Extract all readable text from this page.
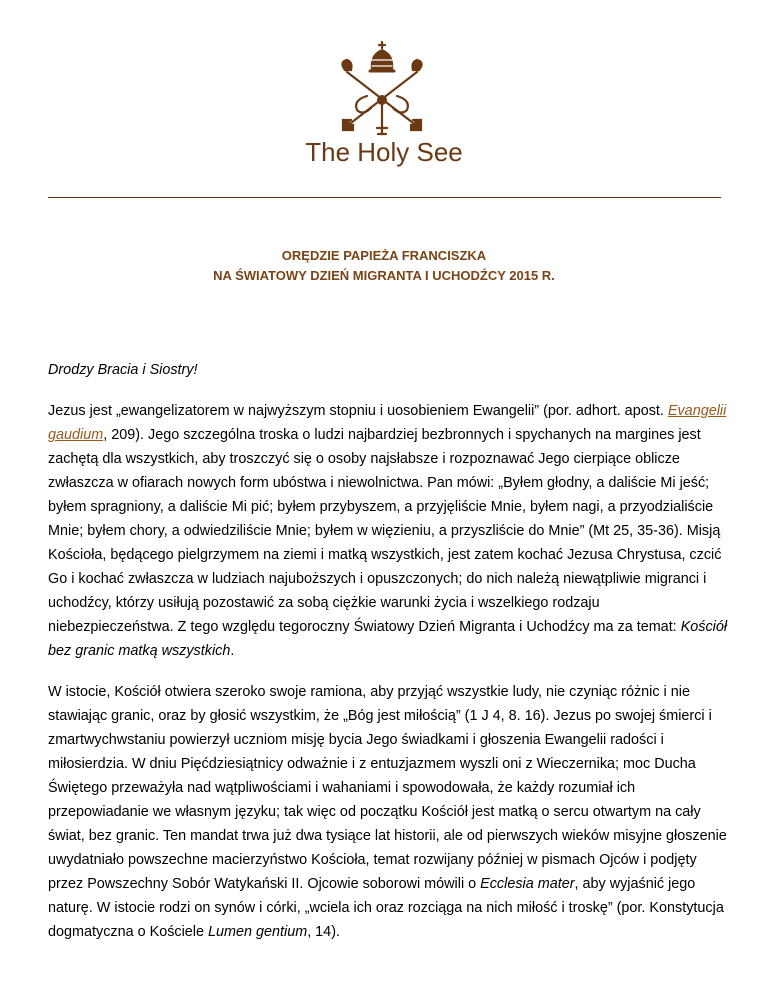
The Holy See
ORĘDZIE PAPIEŻA FRANCISZKA
NA ŚWIATOWY DZIEŃ MIGRANTA I UCHODŹCY 2015 R.

Drodzy Bracia i Siostry!

Jezus jest „ewangelizatorem w najwyższym stopniu i uosobieniem Ewangelii” (por. adhort. apost. Evangelii gaudium, 209). Jego szczególna troska o ludzi najbardziej bezbronnych i spychanych na margines jest zachętą dla wszystkich, aby troszczyć się o osoby najsłabsze i rozpoznawać Jego cierpiące oblicze zwłaszcza w ofiarach nowych form ubóstwa i niewolnictwa. Pan mówi: „Byłem głodny, a daliście Mi jeść; byłem spragniony, a daliście Mi pić; byłem przybyszem, a przyjęliście Mnie, byłem nagi, a przyodzialiście Mnie; byłem chory, a odwiedziliście Mnie; byłem w więzieniu, a przyszliście do Mnie” (Mt 25, 35-36). Misją Kościoła, będącego pielgrzymem na ziemi i matką wszystkich, jest zatem kochać Jezusa Chrystusa, czcić Go i kochać zwłaszcza w ludziach najuboższych i opuszczonych; do nich należą niewątpliwie migranci i uchodźcy, którzy usiłują pozostawić za sobą ciężkie warunki życia i wszelkiego rodzaju niebezpieczeństwa. Z tego względu tegoroczny Światowy Dzień Migranta i Uchodźcy ma za temat: Kościół bez granic matką wszystkich.

W istocie, Kościół otwiera szeroko swoje ramiona, aby przyjąć wszystkie ludy, nie czyniąc różnic i nie stawiając granic, oraz by głosić wszystkim, że „Bóg jest miłością” (1 J 4, 8. 16). Jezus po swojej śmierci i zmartwychwstaniu powierzył uczniom misję bycia Jego świadkami i głoszenia Ewangelii radości i miłosierdzia. W dniu Pięćdziesiątnicy odważnie i z entuzjazmem wyszli oni z Wieczernika; moc Ducha Świętego przeważyła nad wątpliwościami i wahaniami i spowodowała, że każdy rozumiał ich przepowiadanie we własnym języku; tak więc od początku Kościół jest matką o sercu otwartym na cały świat, bez granic. Ten mandat trwa już dwa tysiące lat historii, ale od pierwszych wieków misyjne głoszenie uwydatniało powszechne macierzyństwo Kościoła, temat rozwijany później w pismach Ojców i podjęty przez Powszechny Sobór Watykański II. Ojcowie soborowi mówili o Ecclesia mater, aby wyjaśnić jego naturę. W istocie rodzi on synów i córki, „wciela ich oraz rozciąga na nich miłość i troskę” (por. Konstytucja dogmatyczna o Kościele Lumen gentium, 14).
